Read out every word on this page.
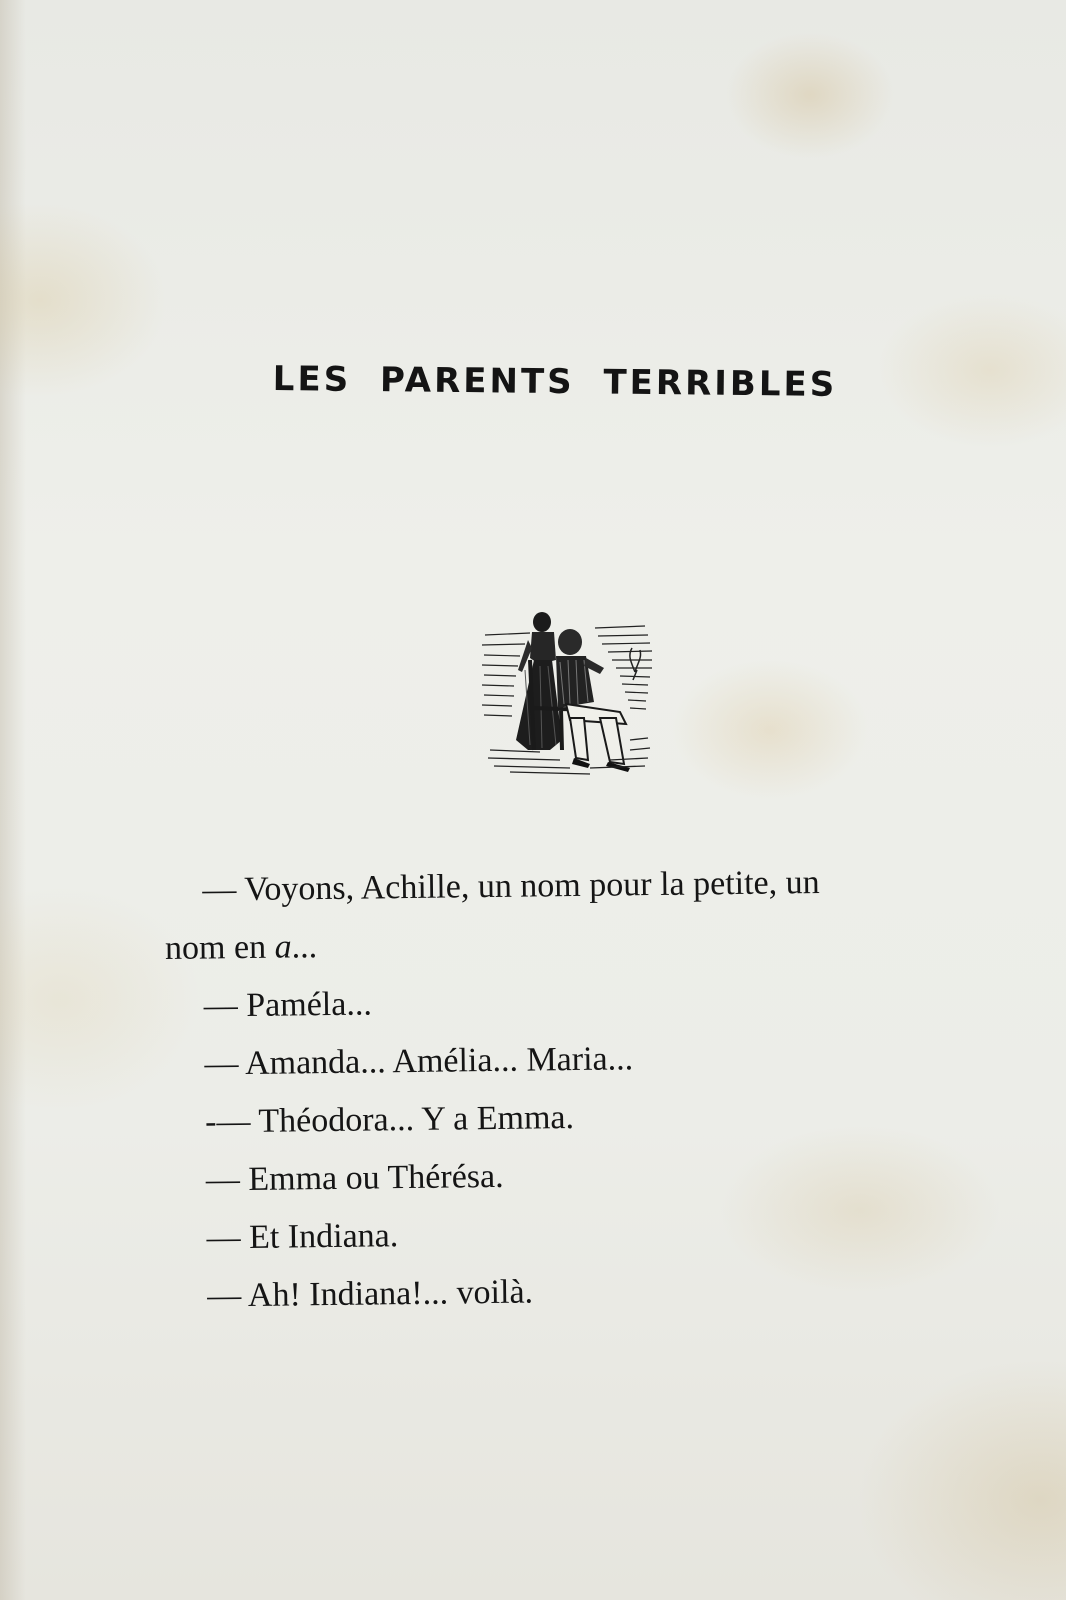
LES PARENTS TERRIBLES
— Voyons, Achille, un nom pour la petite, un
nom en a...
— Paméla...
— Amanda... Amélia... Maria...
-— Théodora... Y a Emma.
— Emma ou Thérésa.
— Et Indiana.
— Ah! Indiana!... voilà.
